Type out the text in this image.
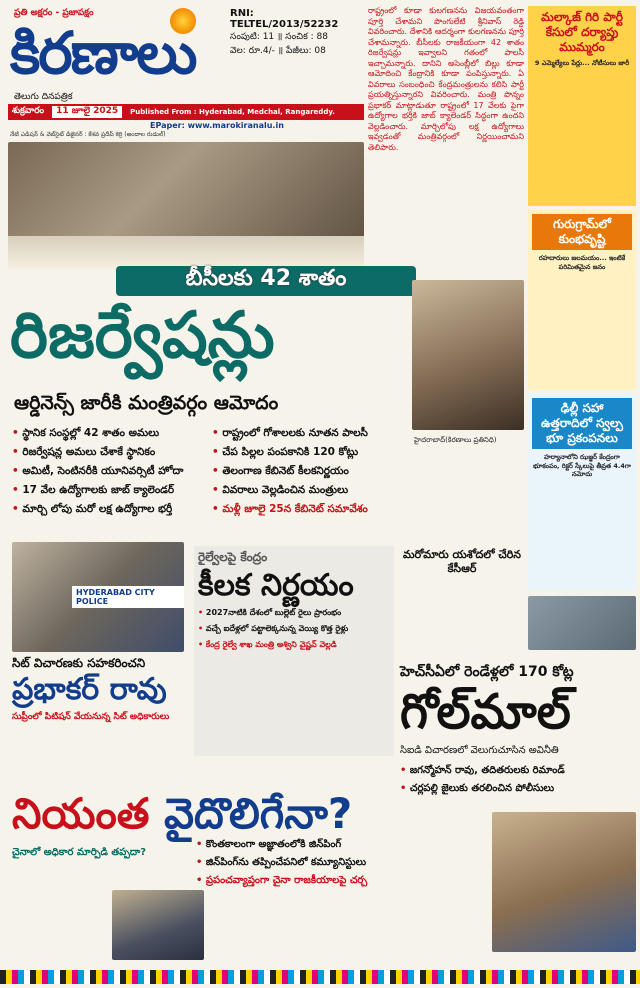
ప్రతి అక్షరం - ప్రజాపక్షం	RNI: TELTEL/2013/52232
కిరణాలు	సంపుటి: 11 ॥ సంచిక : 88
వెల: రూ.4/- ॥ పేజీలు: 08
తెలుగు దినపత్రిక
శుక్రవారం	11 జూలై 2025	Published From : Hyderabad, Medchal, Rangareddy.
EPaper: www.marokiranalu.in
నేటి ఎడిషన్ & వెబ్‌సైట్ డిజైనర్ : కేశవ ప్రదీప్ కెర్రి (అందాల రుడుల్)
రాష్ట్రంలో కూడా కులగణనను విజయవంతంగా పూర్తి చేశామని పొంగులేటి శ్రీనివాస్ రెడ్డి వివరించారు. దేశానికి ఆదర్శంగా కులగణనను పూర్తి చేశామన్నారు. బీసీలకు రాజకీయంగా 42 శాతం రిజర్వేషన్లు ఇవ్వాలని గతంలో పాలసీ ఇచ్చామన్నారు. దానిని అసెంబ్లీలో బిల్లు కూడా ఆమోదించి కేంద్రానికి కూడా పంపిస్తున్నారు. ఏ వివరాలు సంబంధించి కేంద్రమంత్రులను కలిసి పార్టీ ప్రయత్నిస్తున్నారని వివరించారు. మంత్రి పొన్నం ప్రభాకర్ మాట్లాడుతూ రాష్ట్రంలో 17 వేలకు పైగా ఉద్యోగాల భర్తీకి జాబ్ క్యాలెండర్ సిద్ధంగా ఉందని వెల్లడించారు. మార్చిలోపు లక్ష ఉద్యోగాలు ఇవ్వడంతో మంత్రివర్గంలో నిర్ణయించామని తెలిపారు.
మల్కాజ్ గిరి పార్టీ కేసులో దర్యాప్తు ముమ్మరం
9 ఎమ్మెల్యేలు పేర్లు... నోటీసులు జారీ
గురుగ్రామ్‌లో కుంభవృష్టి
రహదారులు జలమయం... ఇంటికే పరిమితమైన జనం
ఢిల్లీ సహా ఉత్తరాదిలో స్వల్ప భూ ప్రకంపనలు
హర్యానాలోని ఝజ్జర్ కేంద్రంగా భూకంపం, రిక్టర్ స్కేలుపై తీవ్రత 4.4గా నమోదు
బీసీలకు 42 శాతం
రిజర్వేషన్లు
ఆర్డినెన్స్ జారీకి మంత్రివర్గం ఆమోదం
• స్థానిక సంస్థల్లో 42 శాతం అమలు
• రిజర్వేషన్ల అమలు చేశాకే స్థానికం
• అమిటీ, సెంటినరీకి యూనివర్సిటీ హోదా
• 17 వేల ఉద్యోగాలకు జాబ్ క్యాలెండర్
• మార్చి లోపు మరో లక్ష ఉద్యోగాల భర్తీ
• రాష్ట్రంలో గోశాలలకు నూతన పాలసీ
• చేప పిల్లల పంపకానికి 120 కోట్లు
• తెలంగాణ కేబినెట్ కీలకనిర్ణయం
• వివరాలు వెల్లడించిన మంత్రులు
• మళ్లీ జూలై 25న కేబినెట్ సమావేశం
హైదరాబాద్(కిరణాలు ప్రతినిధి)
HYDERABAD CITY POLICE
సిట్ విచారణకు సహకరించని
ప్రభాకర్ రావు
సుప్రీంలో పిటిషన్ వేయనున్న సిట్ అధికారులు
రైల్వేలపై కేంద్రం
కీలక నిర్ణయం
• 2027నాటికి దేశంలో బుల్లెట్ రైలు ప్రారంభం
• వచ్చే ఐదేళ్లలో పట్టాలెక్కనున్న వెయ్యి కొత్త రైళ్లు
• కేంద్ర రైల్వే శాఖ మంత్రి అశ్విని వైష్ణవ్ వెల్లడి
మరోమారు యశోదలో చేరిన కేసీఆర్
హెచ్‌సీఏలో రెండేళ్లలో 170 కోట్ల
గోల్‌మాల్
సిఐడి విచారణలో వెలుగుచూసిన అవినీతి
• జగన్మోహన్ రావు, తదితరులకు రిమాండ్
• చర్లపల్లి జైలుకు తరలించిన పోలీసులు
నియంత వైదొలిగేనా?
చైనాలో అధికార మార్పిడి తప్పదా?
• కొంతకాలంగా అజ్ఞాతంలోకి జిన్‌పింగ్
• జిన్‌పింగ్‌ను తప్పించేపనిలో కమ్యూనిస్టులు
• ప్రపంచవ్యాప్తంగా చైనా రాజకీయాలపై చర్చ
